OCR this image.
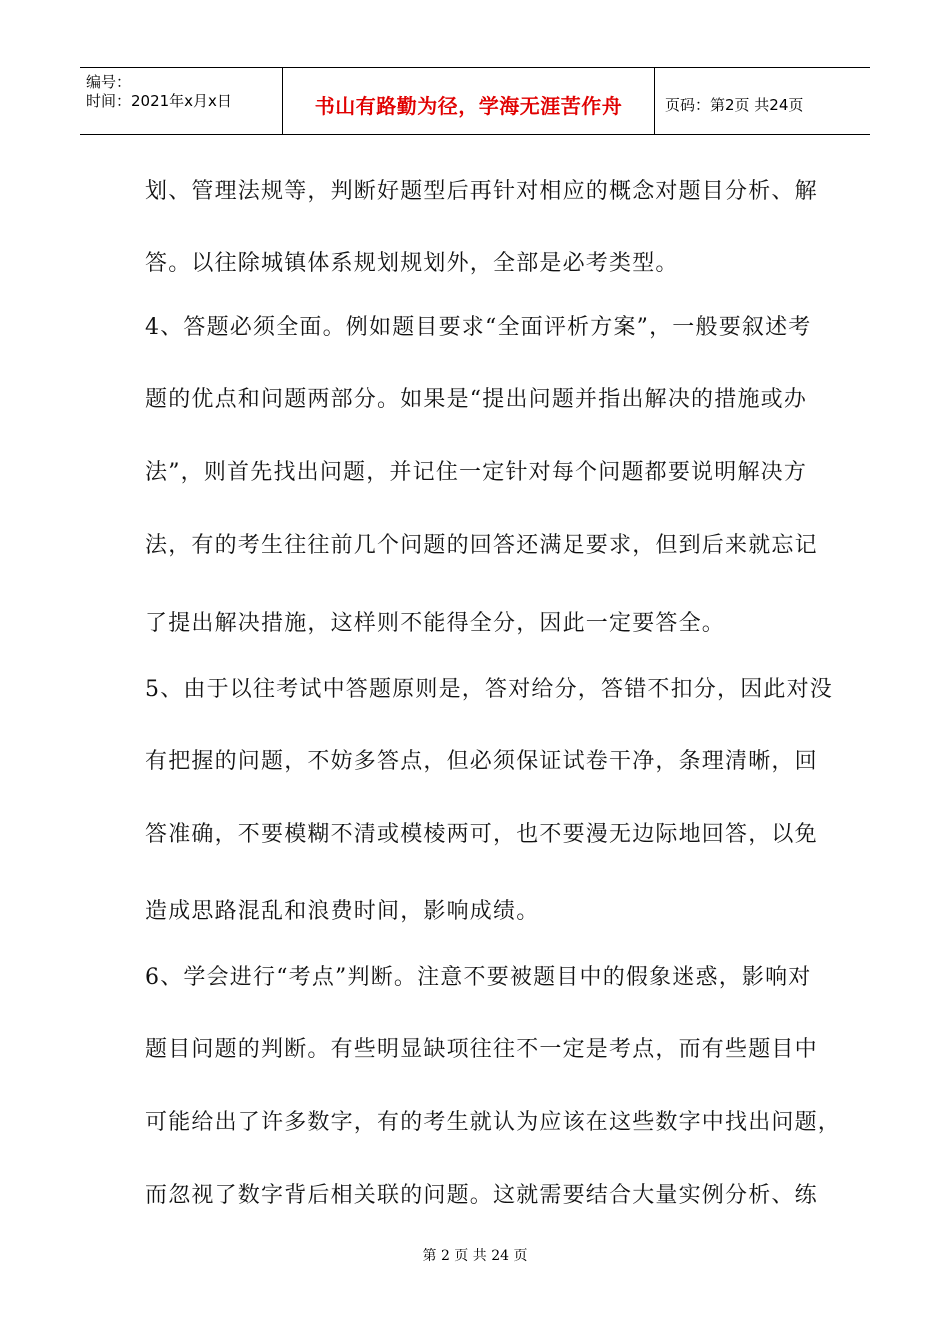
编号：
时间：2021年x月x日	书山有路勤为径，学海无涯苦作舟	页码：第2页 共24页
划、管理法规等，判断好题型后再针对相应的概念对题目分析、解
答。以往除城镇体系规划规划外，全部是必考类型。
4、答题必须全面。例如题目要求“全面评析方案”，一般要叙述考
题的优点和问题两部分。如果是“提出问题并指出解决的措施或办
法”，则首先找出问题，并记住一定针对每个问题都要说明解决方
法，有的考生往往前几个问题的回答还满足要求，但到后来就忘记
了提出解决措施，这样则不能得全分，因此一定要答全。
5、由于以往考试中答题原则是，答对给分，答错不扣分，因此对没
有把握的问题，不妨多答点，但必须保证试卷干净，条理清晰，回
答准确，不要模糊不清或模棱两可，也不要漫无边际地回答，以免
造成思路混乱和浪费时间，影响成绩。
6、学会进行“考点”判断。注意不要被题目中的假象迷惑，影响对
题目问题的判断。有些明显缺项往往不一定是考点，而有些题目中
可能给出了许多数字，有的考生就认为应该在这些数字中找出问题，
而忽视了数字背后相关联的问题。这就需要结合大量实例分析、练
第 2 页 共 24 页
